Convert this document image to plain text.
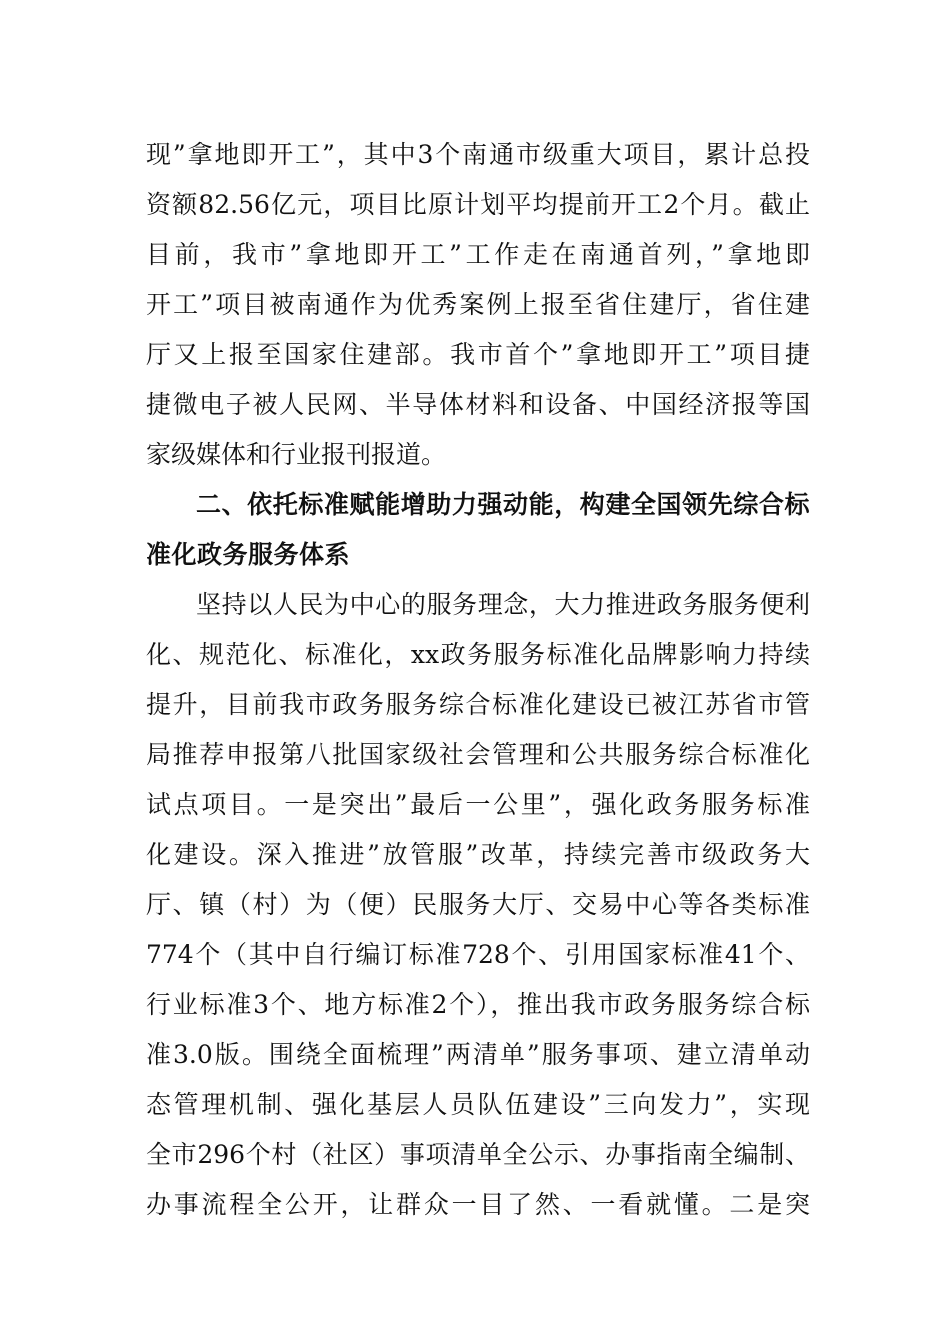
现”拿地即开工”，其中3个南通市级重大项目，累计总投
资额82.56亿元，项目比原计划平均提前开工2个月。截止
目前，我市”拿地即开工”工作走在南通首列，”拿地即
开工”项目被南通作为优秀案例上报至省住建厅，省住建
厅又上报至国家住建部。我市首个”拿地即开工”项目捷
捷微电子被人民网、半导体材料和设备、中国经济报等国
家级媒体和行业报刊报道。
二、依托标准赋能增助力强动能，构建全国领先综合标
准化政务服务体系
坚持以人民为中心的服务理念，大力推进政务服务便利
化、规范化、标准化，xx政务服务标准化品牌影响力持续
提升，目前我市政务服务综合标准化建设已被江苏省市管
局推荐申报第八批国家级社会管理和公共服务综合标准化
试点项目。一是突出”最后一公里”，强化政务服务标准
化建设。深入推进”放管服”改革，持续完善市级政务大
厅、镇（村）为（便）民服务大厅、交易中心等各类标准
774个（其中自行编订标准728个、引用国家标准41个、
行业标准3个、地方标准2个），推出我市政务服务综合标
准3.0版。围绕全面梳理”两清单”服务事项、建立清单动
态管理机制、强化基层人员队伍建设”三向发力”，实现
全市296个村（社区）事项清单全公示、办事指南全编制、
办事流程全公开，让群众一目了然、一看就懂。二是突
